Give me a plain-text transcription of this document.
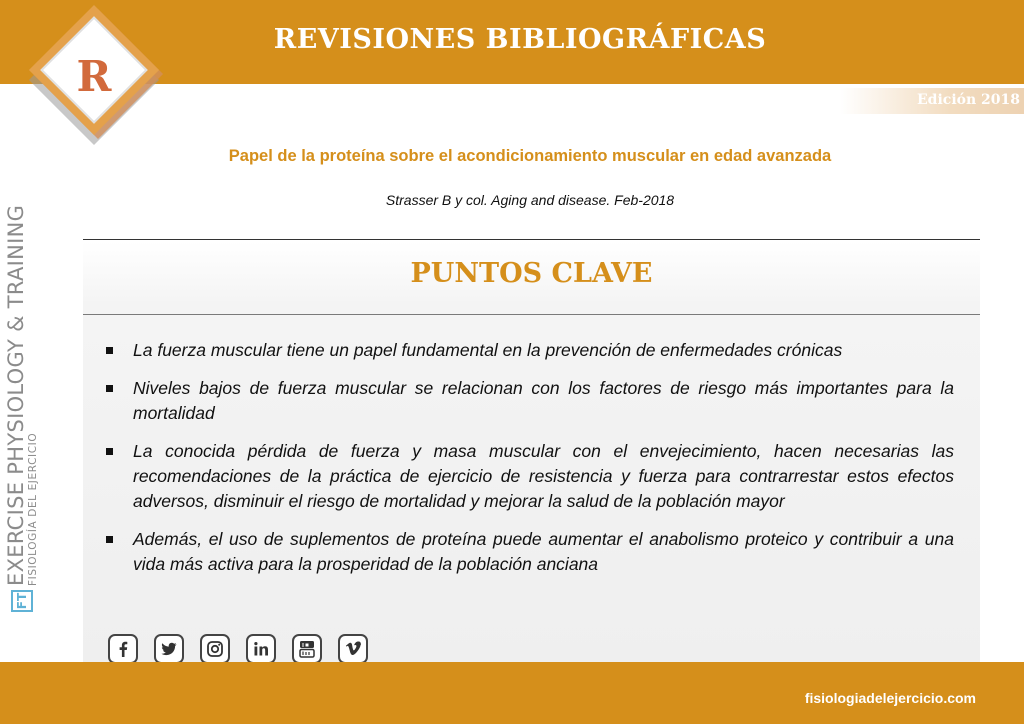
REVISIONES BIBLIOGRÁFICAS
R	Edición 2018
Papel de la proteína sobre el acondicionamiento muscular en edad avanzada
Strasser B y col. Aging and disease. Feb-2018
PUNTOS CLAVE
La fuerza muscular tiene un papel fundamental en la prevención de enfermedades crónicas
Niveles bajos de fuerza muscular se relacionan con los factores de riesgo más importantes para la mortalidad
La conocida pérdida de fuerza y masa muscular con el envejecimiento, hacen necesarias las recomendaciones de la práctica de ejercicio de resistencia y fuerza para contrarrestar estos efectos adversos, disminuir el riesgo de mortalidad y mejorar la salud de la población mayor
Además, el uso de suplementos de proteína puede aumentar el anabolismo proteico y contribuir a una vida más activa para la prosperidad de la población anciana
FT
EXERCISE PHYSIOLOGY & TRAINING FISIOLOGÍA DEL EJERCICIO
fisiologiadelejercicio.com
